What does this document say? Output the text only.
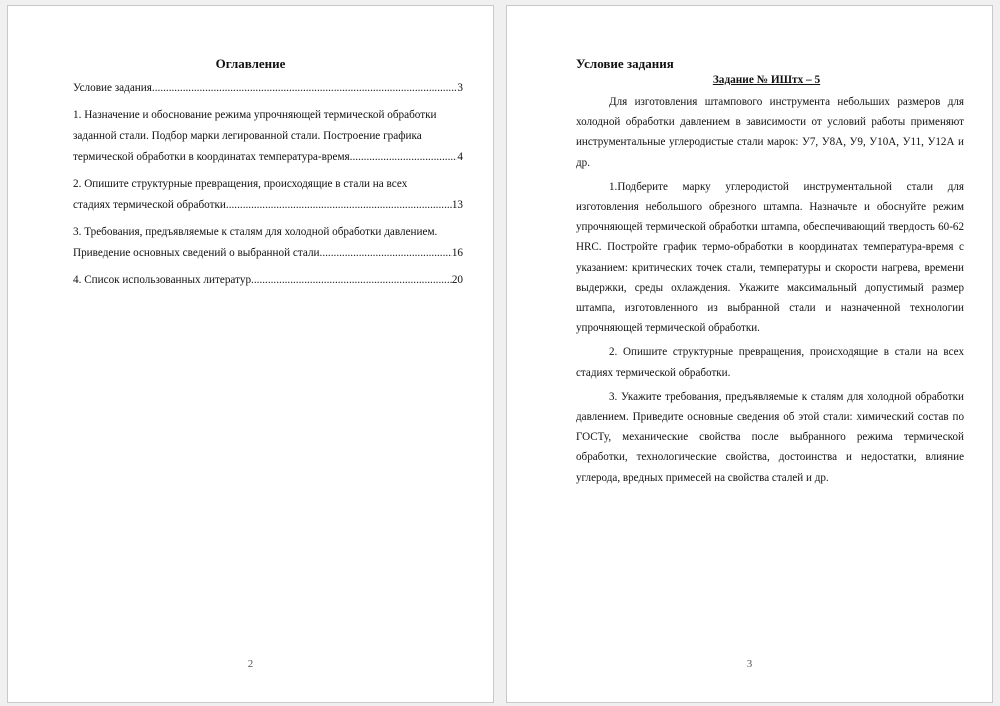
Оглавление
Условие задания .....	3
1. Назначение и обоснование режима упрочняющей термической обработки
заданной стали. Подбор марки легированной стали. Построение графика
термической обработки в координатах температура-время. .....	4
2. Опишите структурные превращения, происходящие в стали на всех
стадиях термической обработки. .....	13
3. Требования, предъявляемые к сталям для холодной обработки давлением.
Приведение основных сведений о выбранной стали .....	16
4. Список использованных литератур .....	20
2
Условие задания
Задание № ИШтх – 5

Для изготовления штампового инструмента небольших размеров для холодной обработки давлением в зависимости от условий работы применяют инструментальные углеродистые стали марок: У7, У8А, У9, У10А, У11, У12А и др.

1.Подберите марку углеродистой инструментальной стали для изготовления небольшого обрезного штампа. Назначьте и обоснуйте режим упрочняющей термической обработки штампа, обеспечивающий твердость 60-62 HRC. Постройте график термо-обработки в координатах температура-время с указанием: критических точек стали, температуры и скорости нагрева, времени выдержки, среды охлаждения. Укажите максимальный допустимый размер штампа, изготовленного из выбранной стали и назначенной технологии упрочняющей термической обработки.

2. Опишите структурные превращения, происходящие в стали на всех стадиях термической обработки.

3. Укажите требования, предъявляемые к сталям для холодной обработки давлением. Приведите основные сведения об этой стали: химический состав по ГОСТу, механические свойства после выбранного режима термической обработки, технологические свойства, достоинства и недостатки, влияние углерода, вредных примесей на свойства сталей и др.

3
